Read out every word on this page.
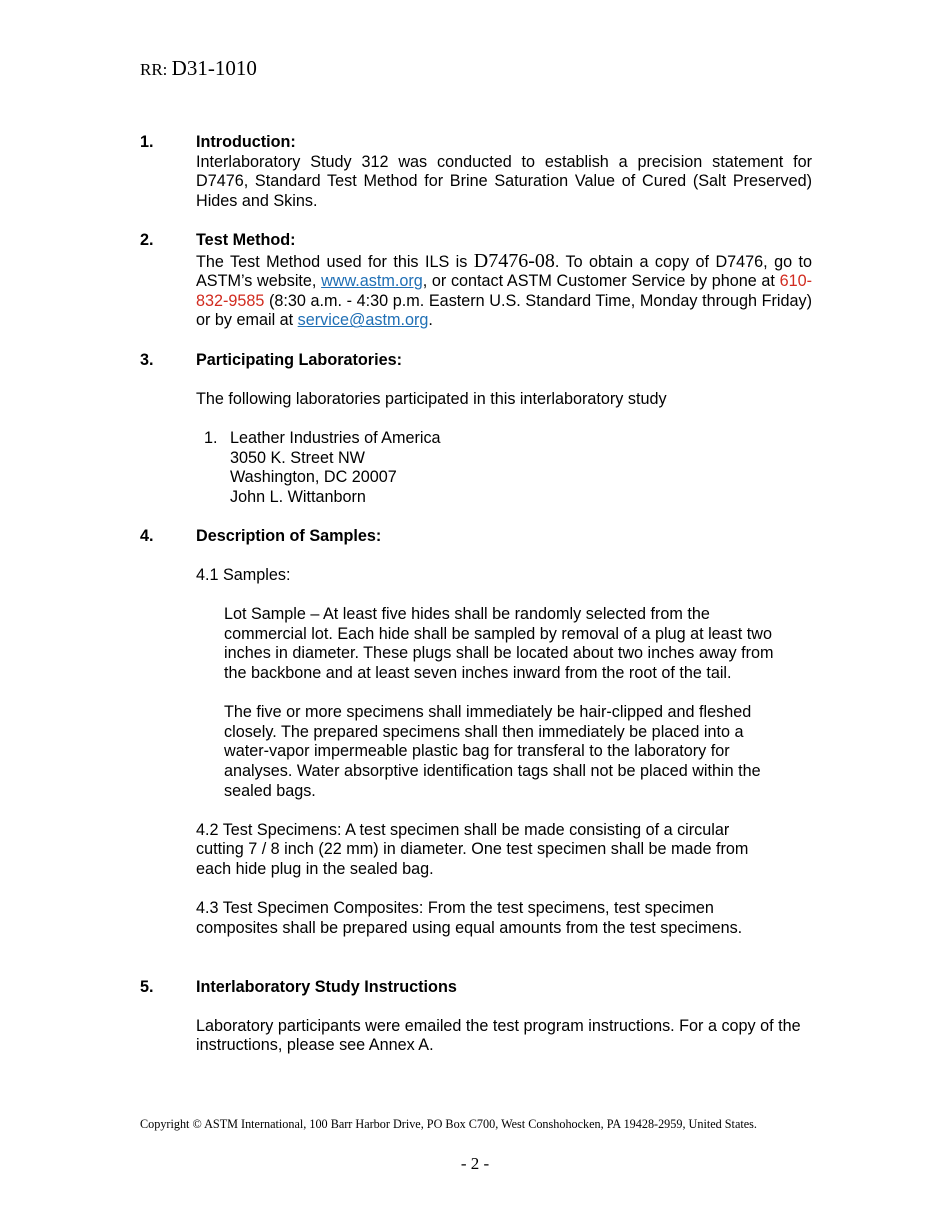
RR: D31-1010
1.	Introduction:

Interlaboratory Study 312 was conducted to establish a precision statement for D7476, Standard Test Method for Brine Saturation Value of Cured (Salt Preserved) Hides and Skins.

2.	Test Method:

The Test Method used for this ILS is D7476-08. To obtain a copy of D7476, go to ASTM’s website, www.astm.org, or contact ASTM Customer Service by phone at 610-832-9585 (8:30 a.m. - 4:30 p.m. Eastern U.S. Standard Time, Monday through Friday) or by email at service@astm.org.

3.	Participating Laboratories:

The following laboratories participated in this interlaboratory study

1. Leather Industries of America
3050 K. Street NW
Washington, DC 20007
John L. Wittanborn
4.	Description of Samples:

4.1 Samples:

Lot Sample – At least five hides shall be randomly selected from the
commercial lot. Each hide shall be sampled by removal of a plug at least two
inches in diameter. These plugs shall be located about two inches away from
the backbone and at least seven inches inward from the root of the tail.
The five or more specimens shall immediately be hair-clipped and fleshed
closely. The prepared specimens shall then immediately be placed into a
water-vapor impermeable plastic bag for transferal to the laboratory for
analyses. Water absorptive identification tags shall not be placed within the
sealed bags.
4.2 Test Specimens: A test specimen shall be made consisting of a circular
cutting 7 / 8 inch (22 mm) in diameter. One test specimen shall be made from
each hide plug in the sealed bag.
4.3 Test Specimen Composites: From the test specimens, test specimen
composites shall be prepared using equal amounts from the test specimens.
5.	Interlaboratory Study Instructions

Laboratory participants were emailed the test program instructions. For a copy of the instructions, please see Annex A.

Copyright © ASTM International, 100 Barr Harbor Drive, PO Box C700, West Conshohocken, PA 19428-2959, United States.
- 2 -
